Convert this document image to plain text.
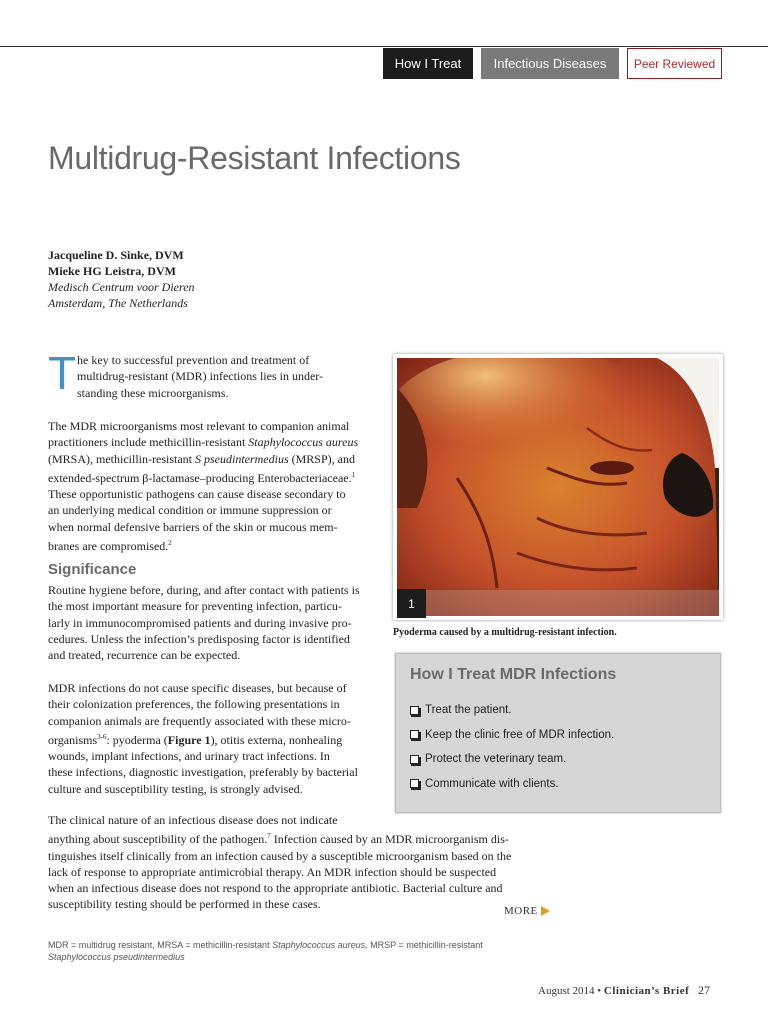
How I Treat Infectious Diseases Peer Reviewed
Multidrug-Resistant Infections
Jacqueline D. Sinke, DVM
Mieke HG Leistra, DVM
Medisch Centrum voor Dieren
Amsterdam, The Netherlands
T he key to successful prevention and treatment of
multidrug-resistant (MDR) infections lies in under-
standing these microorganisms.
The MDR microorganisms most relevant to companion animal
practitioners include methicillin-resistant Staphylococcus aureus
(MRSA), methicillin-resistant S pseudintermedius (MRSP), and
extended-spectrum β-lactamase–producing Enterobacteriaceae.$^1$
These opportunistic pathogens can cause disease secondary to
an underlying medical condition or immune suppression or
when normal defensive barriers of the skin or mucous mem-
branes are compromised.$^2$
Significance
Routine hygiene before, during, and after contact with patients is
the most important measure for preventing infection, particu-
larly in immunocompromised patients and during invasive pro-
cedures. Unless the infection’s predisposing factor is identified
and treated, recurrence can be expected.
MDR infections do not cause specific diseases, but because of
their colonization preferences, the following presentations in
companion animals are frequently associated with these micro-
organisms$^{3-6}$: pyoderma (Figure 1), otitis externa, nonhealing
wounds, implant infections, and urinary tract infections. In
these infections, diagnostic investigation, preferably by bacterial
culture and susceptibility testing, is strongly advised.
The clinical nature of an infectious disease does not indicate
anything about susceptibility of the pathogen.$^7$ Infection caused by an MDR microorganism dis-
tinguishes itself clinically from an infection caused by a susceptible microorganism based on the
lack of response to appropriate antimicrobial therapy. An MDR infection should be suspected
when an infectious disease does not respond to the appropriate antibiotic. Bacterial culture and
susceptibility testing should be performed in these cases.
1
Pyoderma caused by a multidrug-resistant infection.
How I Treat MDR Infections
Treat the patient.
Keep the clinic free of MDR infection.
Protect the veterinary team.
Communicate with clients.
MORE
MDR = multidrug resistant, MRSA = methicillin-resistant Staphylococcus aureus, MRSP = methicillin-resistant
Staphylococcus pseudintermedius
August 2014 • Clinician’s Brief 27
